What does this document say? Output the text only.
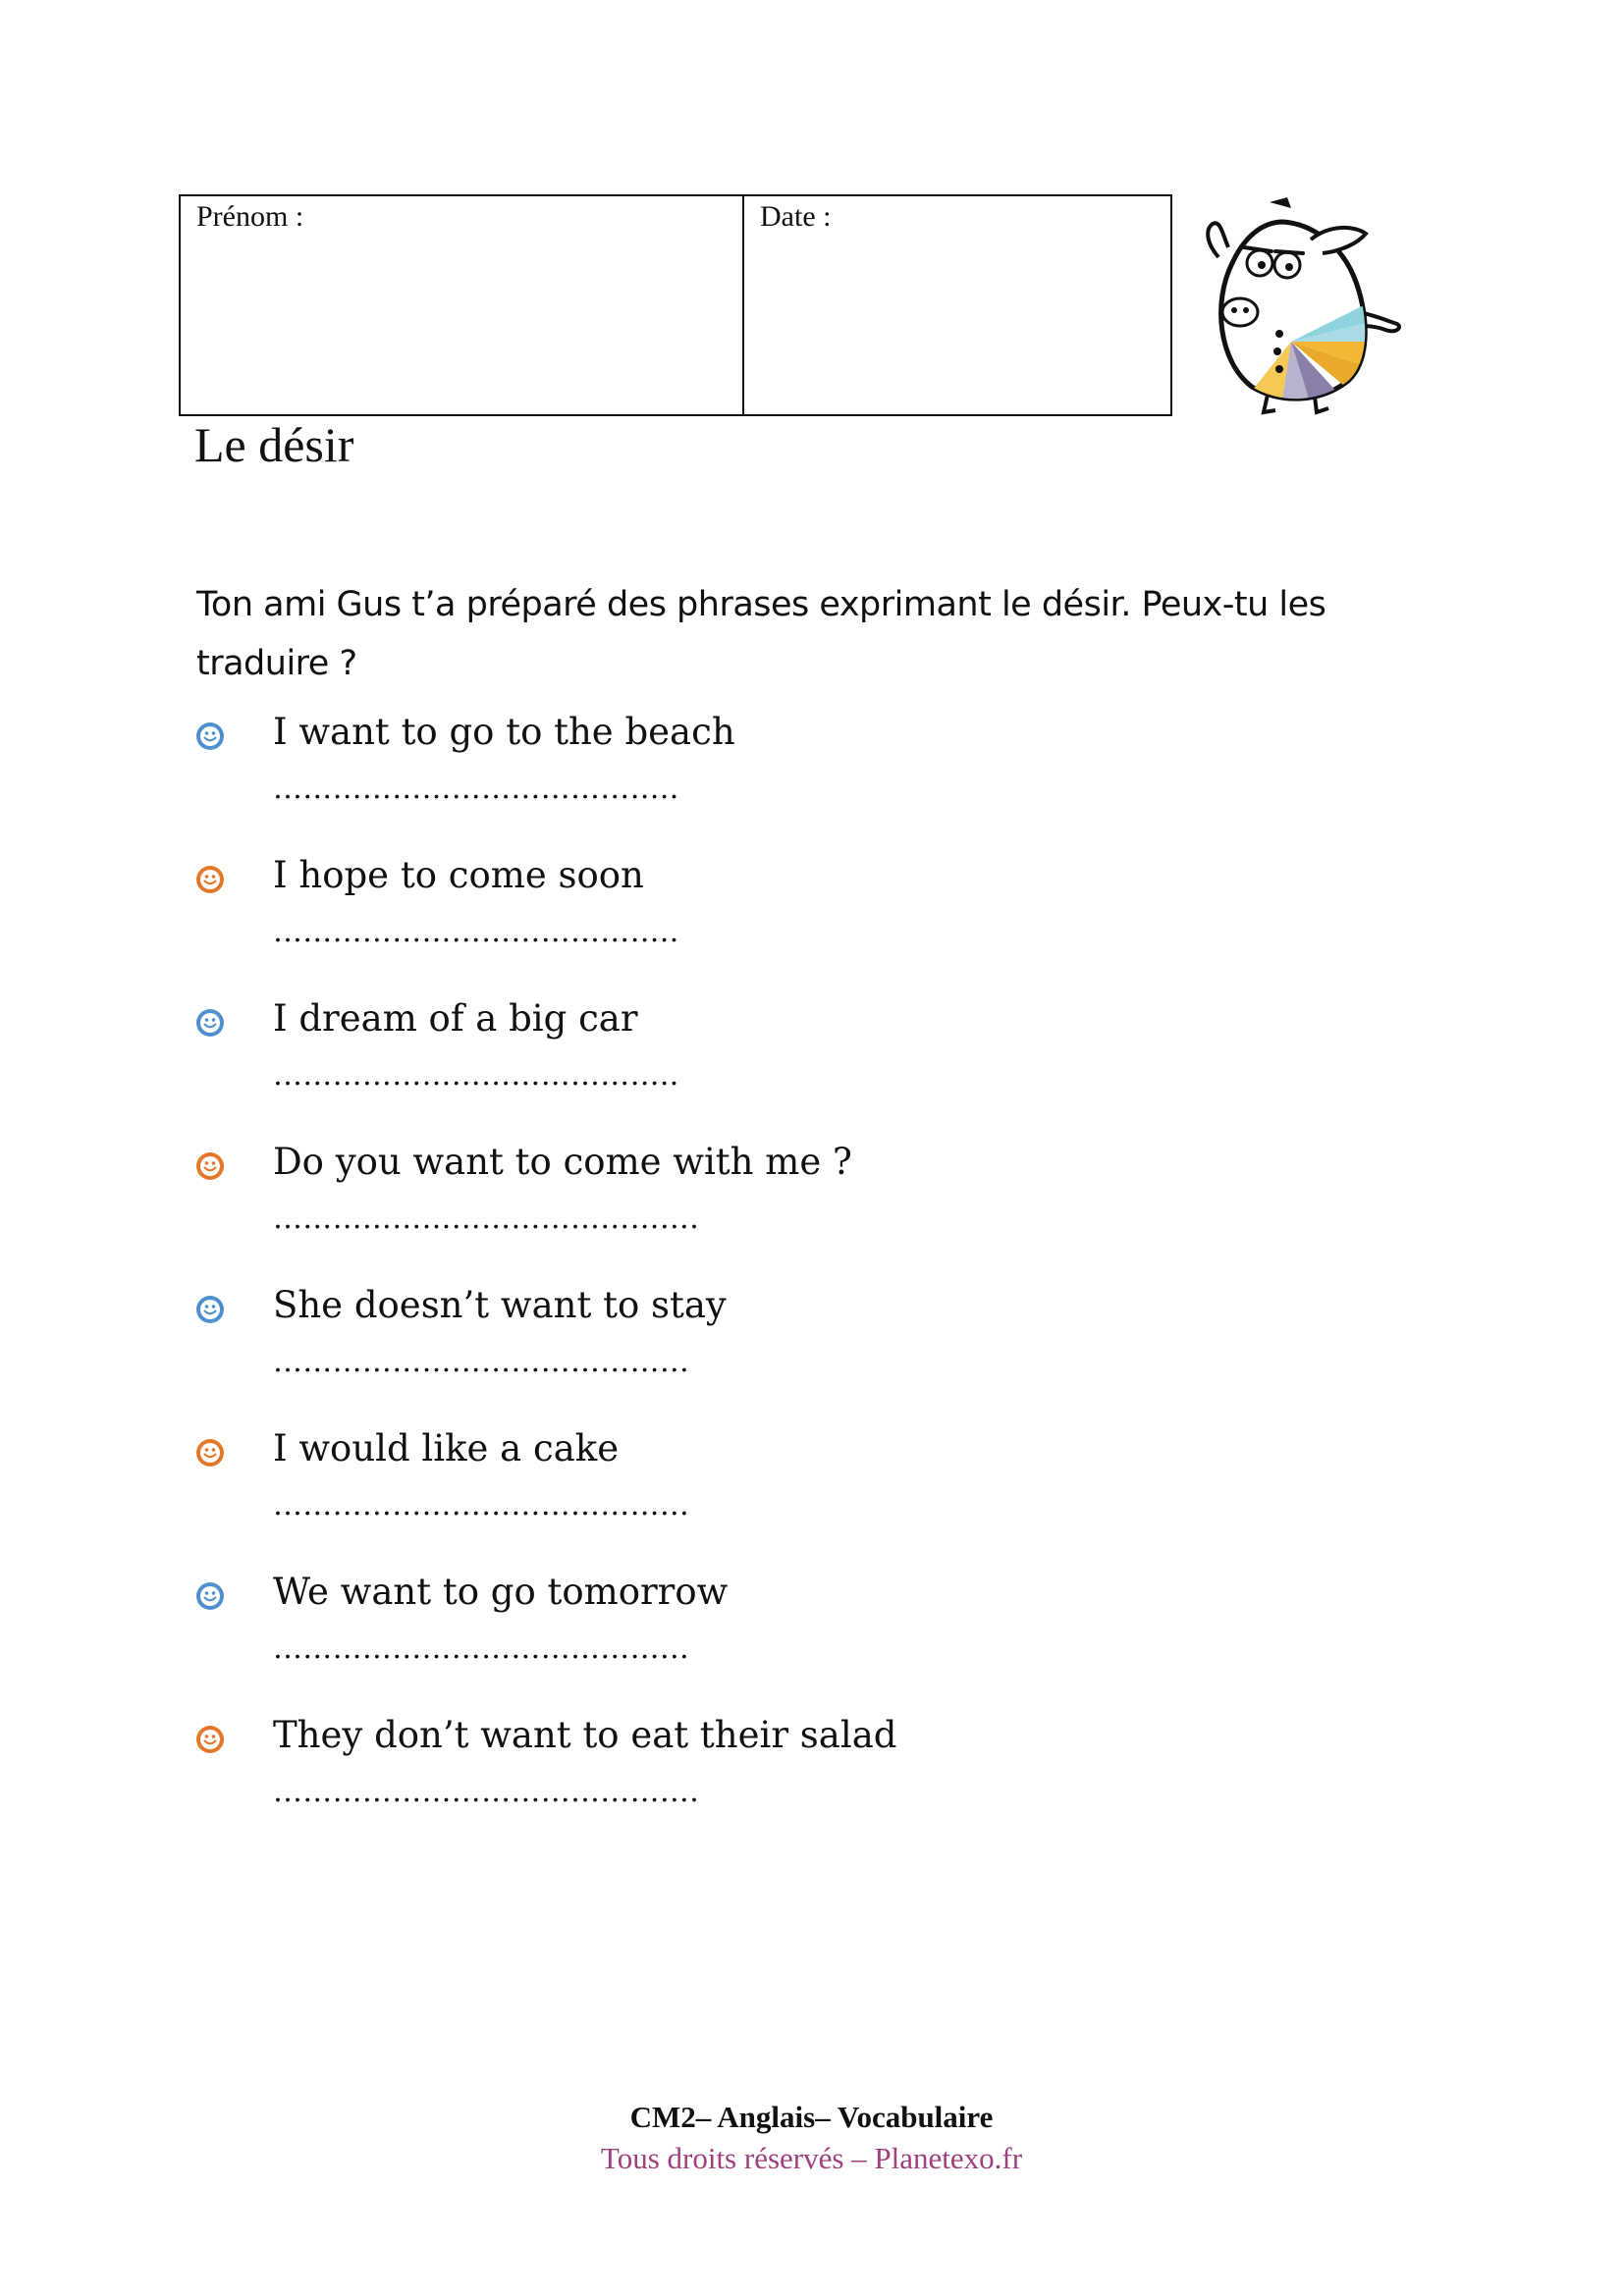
Prénom :	Date :
Le désir

Ton ami Gus t’a préparé des phrases exprimant le désir. Peux-tu les traduire ?

I want to go to the beach
…………………………………..
I hope to come soon
…………………………………..
I dream of a big car
…………………………………..
Do you want to come with me ?
…………………………………….
She doesn’t want to stay
……………………………………
I would like a cake
……………………………………
We want to go tomorrow
……………………………………
They don’t want to eat their salad
…………………………………….
CM2– Anglais– Vocabulaire
Tous droits réservés – Planetexo.fr
